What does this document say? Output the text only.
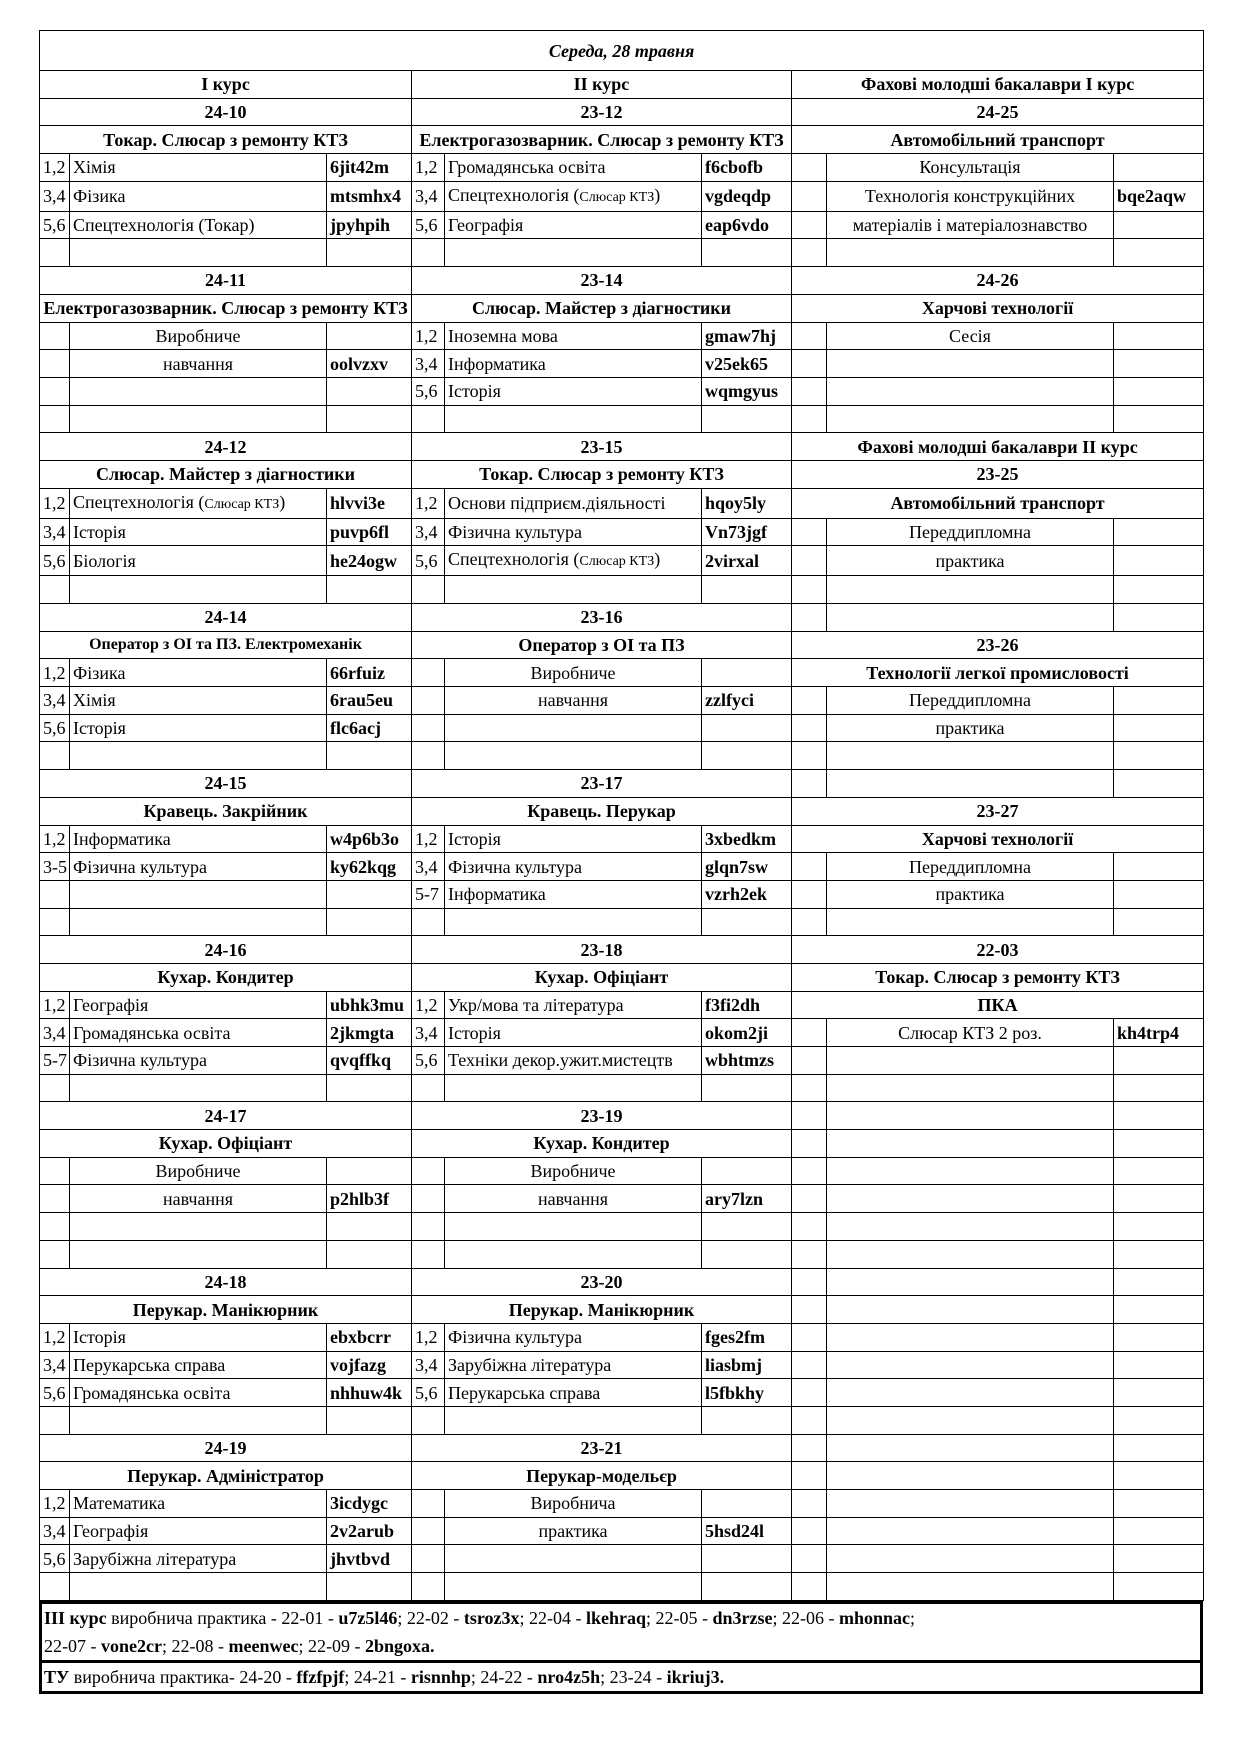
Середа, 28 травня								
I курс			II курс			Фахові молодші бакалаври I курс		
24-10			23-12			24-25		
Токар. Слюсар з ремонту КТЗ			Електрогазозварник. Слюсар з ремонту КТЗ			Автомобільний транспорт		
1,2	Хімія	6jit42m	1,2	Громадянська освіта	f6cbofb		Консультація	
3,4	Фізика	mtsmhx4	3,4	Спецтехнологія (Слюсар КТЗ)	vgdeqdp		Технологія конструкційних	bqe2aqw
5,6	Спецтехнологія (Токар)	jpyhpih	5,6	Географія	eap6vdo		матеріалів і матеріалознавство	

24-11			23-14			24-26		
Електрогазозварник. Слюсар з ремонту КТЗ			Слюсар. Майстер з діагностики			Харчові технології		
	Виробниче		1,2	Іноземна мова	gmaw7hj		Сесія	
	навчання	oolvzxv	3,4	Інформатика	v25ek65			
			5,6	Історія	wqmgyus			

24-12			23-15			Фахові молодші бакалаври II курс		
Слюсар. Майстер з діагностики			Токар. Слюсар з ремонту КТЗ			23-25		
1,2	Спецтехнологія (Слюсар КТЗ)	hlvvi3e	1,2	Основи підприєм.діяльності	hqoy5ly	Автомобільний транспорт		
3,4	Історія	puvp6fl	3,4	Фізична культура	Vn73jgf		Переддипломна	
5,6	Біологія	he24ogw	5,6	Спецтехнологія (Слюсар КТЗ)	2virxal		практика	

24-14			23-16					
Оператор з ОІ та ПЗ. Електромеханік			Оператор з ОІ та ПЗ			23-26		
1,2	Фізика	66rfuiz		Виробниче		Технології легкої промисловості		
3,4	Хімія	6rau5eu		навчання	zzlfyci		Переддипломна	
5,6	Історія	flc6acj					практика	

24-15			23-17					
Кравець. Закрійник			Кравець. Перукар			23-27		
1,2	Інформатика	w4p6b3o	1,2	Історія	3xbedkm	Харчові технології		
3-5	Фізична культура	ky62kqg	3,4	Фізична культура	glqn7sw		Переддипломна	
			5-7	Інформатика	vzrh2ek		практика	

24-16			23-18			22-03		
Кухар. Кондитер			Кухар. Офіціант			Токар. Слюсар з ремонту КТЗ		
1,2	Географія	ubhk3mu	1,2	Укр/мова та література	f3fi2dh	ПКА		
3,4	Громадянська освіта	2jkmgta	3,4	Історія	okom2ji		Слюсар КТЗ 2 роз.	kh4trp4
5-7	Фізична культура	qvqffkq	5,6	Техніки декор.ужит.мистецтв	wbhtmzs			

24-17			23-19					
Кухар. Офіціант			Кухар. Кондитер					
	Виробниче			Виробниче				
	навчання	p2hlb3f		навчання	ary7lzn			

24-18			23-20					
Перукар. Манікюрник			Перукар. Манікюрник					
1,2	Історія	ebxbcrr	1,2	Фізична культура	fges2fm			
3,4	Перукарська справа	vojfazg	3,4	Зарубіжна література	liasbmj			
5,6	Громадянська освіта	nhhuw4k	5,6	Перукарська справа	l5fbkhy			

24-19			23-21					
Перукар. Адміністратор			Перукар-модельєр					
1,2	Математика	3icdygc		Виробнича				
3,4	Географія	2v2arub		практика	5hsd24l			
5,6	Зарубіжна література	jhvtbvd						

III курс виробнича практика - 22-01 - u7z5l46; 22-02 - tsroz3x; 22-04 - lkehraq; 22-05 - dn3rzse; 22-06 - mhonnac;
22-07 - vone2cr; 22-08 - meenwec; 22-09 - 2bngoxa.
ТУ виробнича практика- 24-20 - ffzfpjf; 24-21 - risnnhp; 24-22 - nro4z5h; 23-24 - ikriuj3.
